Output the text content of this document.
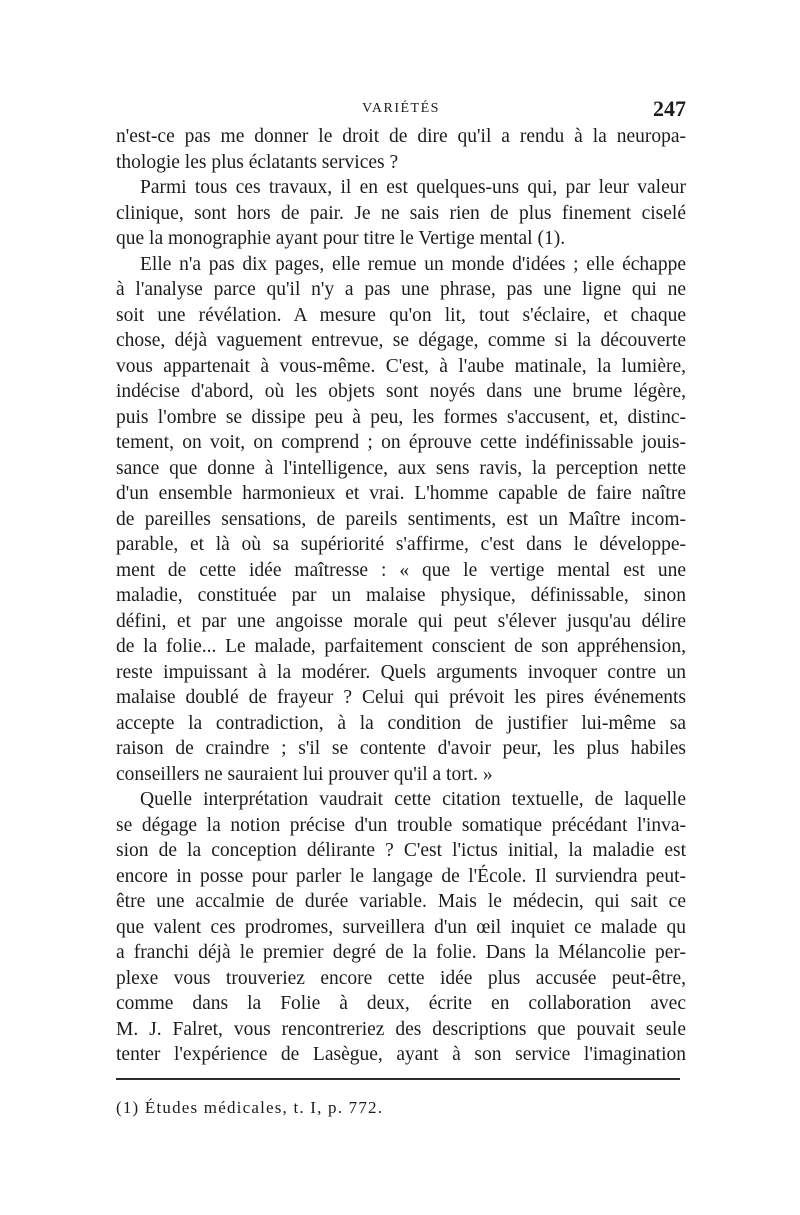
VARIÉTÉS	247
n'est-ce pas me donner le droit de dire qu'il a rendu à la neuropa-
thologie les plus éclatants services ?
Parmi tous ces travaux, il en est quelques-uns qui, par leur valeur
clinique, sont hors de pair. Je ne sais rien de plus finement ciselé
que la monographie ayant pour titre le Vertige mental (1).
Elle n'a pas dix pages, elle remue un monde d'idées ; elle échappe
à l'analyse parce qu'il n'y a pas une phrase, pas une ligne qui ne
soit une révélation. A mesure qu'on lit, tout s'éclaire, et chaque
chose, déjà vaguement entrevue, se dégage, comme si la découverte
vous appartenait à vous-même. C'est, à l'aube matinale, la lumière,
indécise d'abord, où les objets sont noyés dans une brume légère,
puis l'ombre se dissipe peu à peu, les formes s'accusent, et, distinc-
tement, on voit, on comprend ; on éprouve cette indéfinissable jouis-
sance que donne à l'intelligence, aux sens ravis, la perception nette
d'un ensemble harmonieux et vrai. L'homme capable de faire naître
de pareilles sensations, de pareils sentiments, est un Maître incom-
parable, et là où sa supériorité s'affirme, c'est dans le développe-
ment de cette idée maîtresse : « que le vertige mental est une
maladie, constituée par un malaise physique, définissable, sinon
défini, et par une angoisse morale qui peut s'élever jusqu'au délire
de la folie... Le malade, parfaitement conscient de son appréhension,
reste impuissant à la modérer. Quels arguments invoquer contre un
malaise doublé de frayeur ? Celui qui prévoit les pires événements
accepte la contradiction, à la condition de justifier lui-même sa
raison de craindre ; s'il se contente d'avoir peur, les plus habiles
conseillers ne sauraient lui prouver qu'il a tort. »
Quelle interprétation vaudrait cette citation textuelle, de laquelle
se dégage la notion précise d'un trouble somatique précédant l'inva-
sion de la conception délirante ? C'est l'ictus initial, la maladie est
encore in posse pour parler le langage de l'École. Il surviendra peut-
être une accalmie de durée variable. Mais le médecin, qui sait ce
que valent ces prodromes, surveillera d'un œil inquiet ce malade qu
a franchi déjà le premier degré de la folie. Dans la Mélancolie per-
plexe vous trouveriez encore cette idée plus accusée peut-être,
comme dans la Folie à deux, écrite en collaboration avec
M. J. Falret, vous rencontreriez des descriptions que pouvait seule
tenter l'expérience de Lasègue, ayant à son service l'imagination
(1) Études médicales, t. I, p. 772.
